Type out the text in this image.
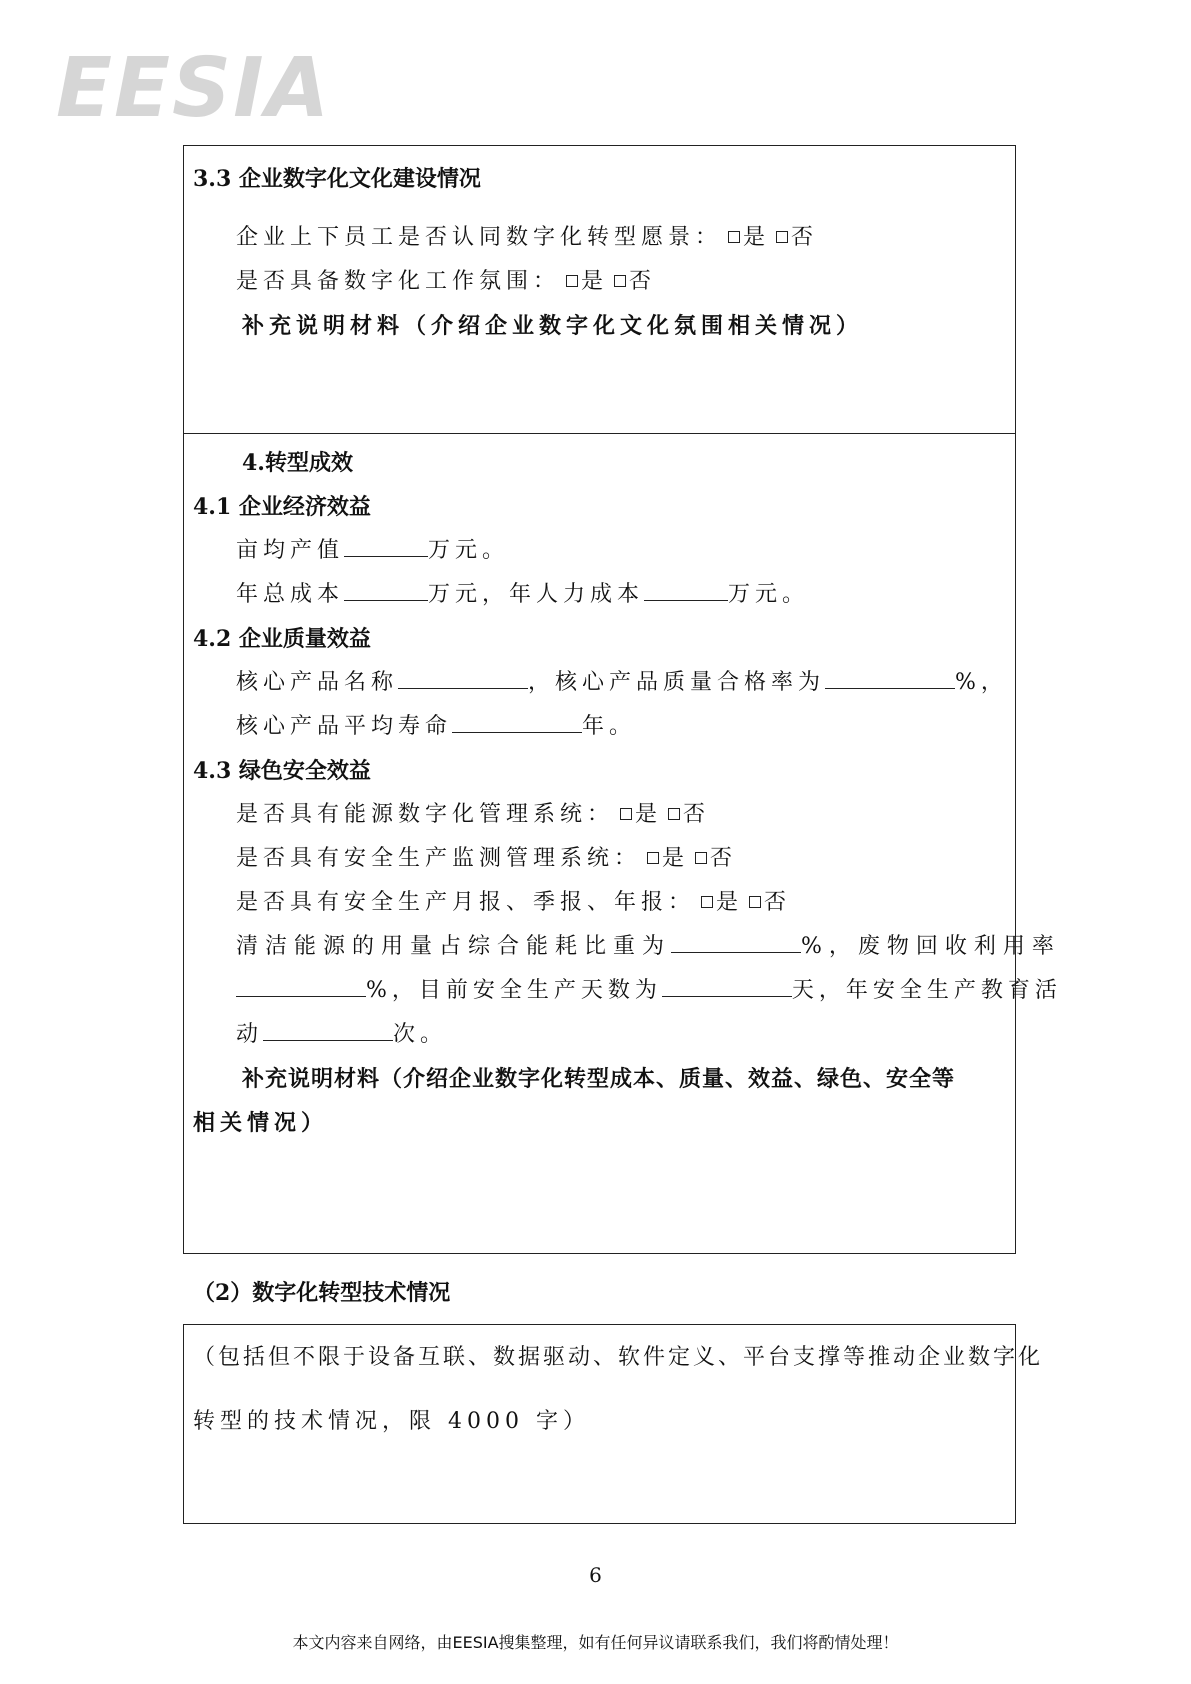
EESIA
3.3 企业数字化文化建设情况
企业上下员工是否认同数字化转型愿景： 是 否
是否具备数字化工作氛围： 是 否
补充说明材料（介绍企业数字化文化氛围相关情况）
4.转型成效
4.1 企业经济效益
亩均产值	万元。
年总成本	万元，年人力成本	万元。
4.2 企业质量效益
核心产品名称	，核心产品质量合格率为	%，
核心产品平均寿命	年。
4.3 绿色安全效益
是否具有能源数字化管理系统： 是 否
是否具有安全生产监测管理系统： 是 否
是否具有安全生产月报、季报、年报： 是 否
清洁能源的用量占综合能耗比重为	%，废物回收利用率
%，目前安全生产天数为	天，年安全生产教育活
动	次。
补充说明材料（介绍企业数字化转型成本、质量、效益、绿色、安全等
相关情况）
（2）数字化转型技术情况
（包括但不限于设备互联、数据驱动、软件定义、平台支撑等推动企业数字化
转型的技术情况，限 4000 字）
6
本文内容来自网络，由EESIA搜集整理，如有任何异议请联系我们，我们将酌情处理！
